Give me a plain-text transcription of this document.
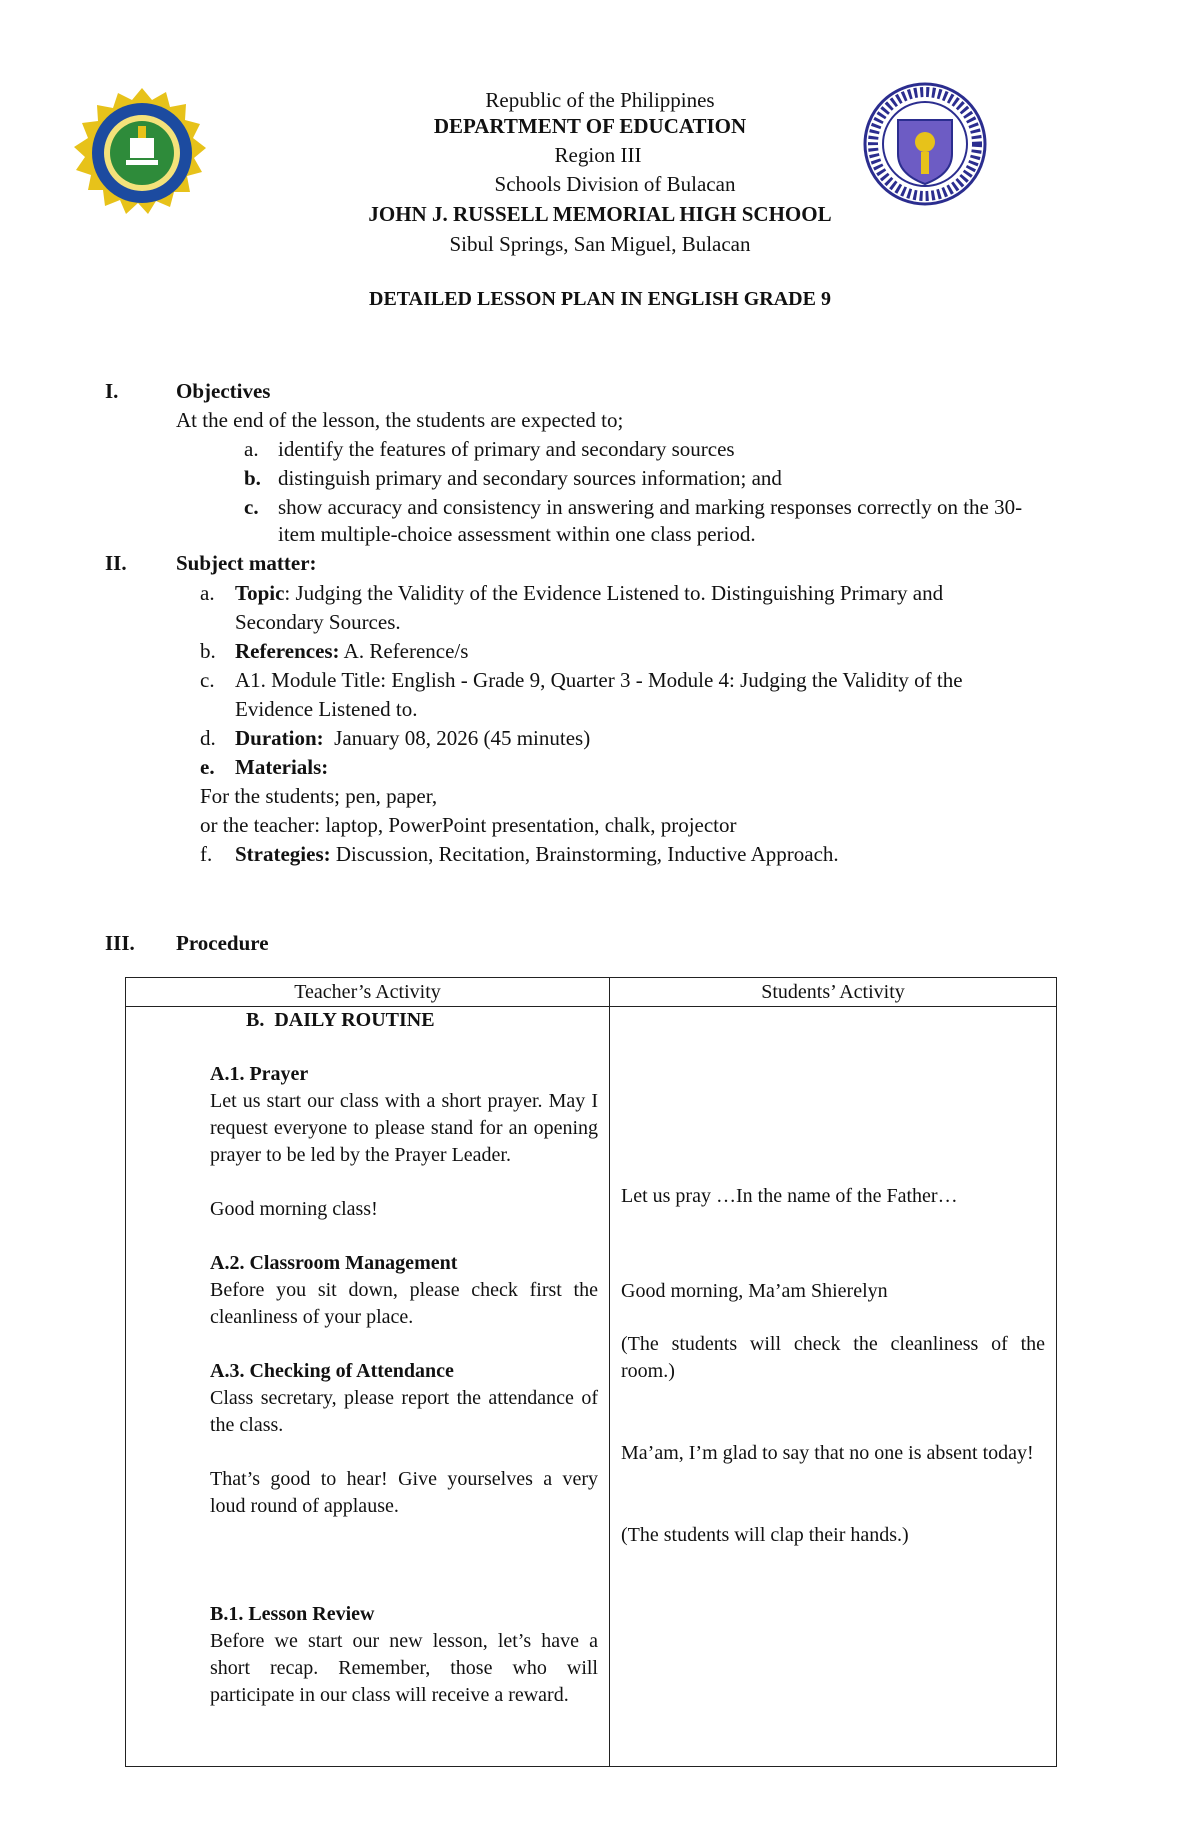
Republic of the Philippines
DEPARTMENT OF EDUCATION
Region III
Schools Division of Bulacan
JOHN J. RUSSELL MEMORIAL HIGH SCHOOL
Sibul Springs, San Miguel, Bulacan
DETAILED LESSON PLAN IN ENGLISH GRADE 9
I.	Objectives
At the end of the lesson, the students are expected to;
a. identify the features of primary and secondary sources
b. distinguish primary and secondary sources information; and
c. show accuracy and consistency in answering and marking responses correctly on the 30-
item multiple-choice assessment within one class period.
II. Subject matter:
a. Topic: Judging the Validity of the Evidence Listened to. Distinguishing Primary and
Secondary Sources.
b. References: A. Reference/s
c. A1. Module Title: English - Grade 9, Quarter 3 - Module 4: Judging the Validity of the
Evidence Listened to.
d. Duration:  January 08, 2026 (45 minutes)
e. Materials:
For the students; pen, paper,
or the teacher: laptop, PowerPoint presentation, chalk, projector
f. Strategies: Discussion, Recitation, Brainstorming, Inductive Approach.
III. Procedure
Teacher’s Activity	Students’ Activity
B.  DAILY ROUTINE

A.1. Prayer

Let us start our class with a short prayer. May I request everyone to please stand for an opening prayer to be led by the Prayer Leader.

Good morning class!

A.2. Classroom Management

Before you sit down, please check first the cleanliness of your place.

A.3. Checking of Attendance

Class secretary, please report the attendance of the class.

That’s good to hear! Give yourselves a very loud round of applause.

B.1. Lesson Review

Before we start our new lesson, let’s have a short recap. Remember, those who will participate in our class will receive a reward.

Let us pray …In the name of the Father…
Good morning, Ma’am Shierelyn
(The students will check the cleanliness of the room.)
Ma’am, I’m glad to say that no one is absent today!
(The students will clap their hands.)
